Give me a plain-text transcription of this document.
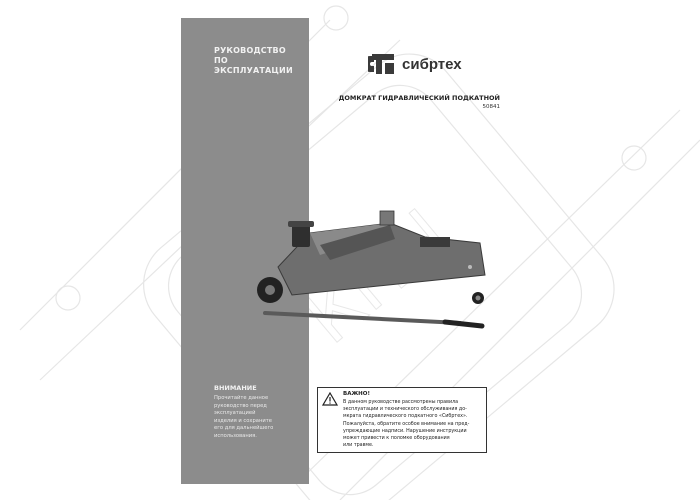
РУКОВОДСТВО
ПО ЭКСПЛУАТАЦИИ
ВНИМАНИЕ
Прочитайте данное
руководство перед
эксплуатацией
изделия и сохраните
его для дальнейшего
использования.
сибртех
ДОМКРАТ ГИДРАВЛИЧЕСКИЙ ПОДКАТНОЙ
50841
ВАЖНО!
В данном руководстве рассмотрены правила
эксплуатации и технического обслуживания до-
мкрата гидравлического подкатного «Сибртех».
Пожалуйста, обратите особое внимание на пред-
упреждающие надписи. Нарушение инструкции
может привести к поломке оборудования
или травме.
